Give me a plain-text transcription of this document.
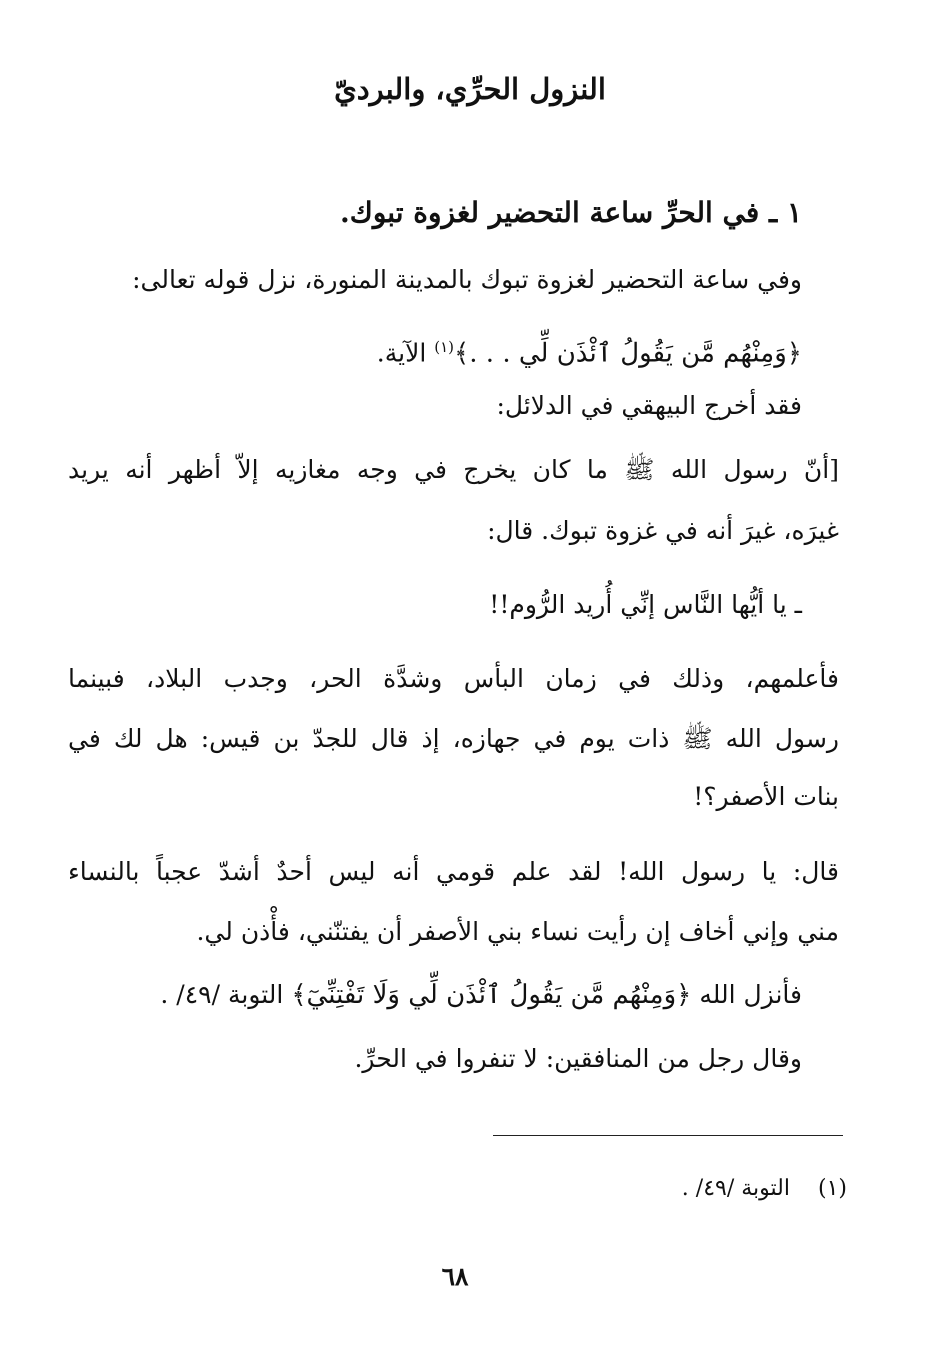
النزول الحرِّي، والبرديّ
١ ـ في الحرِّ ساعة التحضير لغزوة تبوك.
وفي ساعة التحضير لغزوة تبوك بالمدينة المنورة، نزل قوله تعالى:
﴿وَمِنْهُم مَّن يَقُولُ ٱئْذَن لِّي . . .﴾$^{(١)}$ الآية.
فقد أخرج البيهقي في الدلائل:
[أنّ رسول الله ﷺ ما كان يخرج في وجه مغازيه إلاّ أظهر أنه يريد
غيرَه، غيرَ أنه في غزوة تبوك. قال:
ـ يا أيُّها النَّاس إنِّي أُريد الرُّوم!!
فأعلمهم، وذلك في زمان البأس وشدَّة الحر، وجدب البلاد، فبينما
رسول الله ﷺ ذات يوم في جهازه، إذ قال للجدّ بن قيس: هل لك في
بنات الأصفر؟!
قال: يا رسول الله! لقد علم قومي أنه ليس أحدٌ أشدّ عجباً بالنساء
مني وإني أخاف إن رأيت نساء بني الأصفر أن يفتنّني، فأْذن لي.
فأنزل الله ﴿وَمِنْهُم مَّن يَقُولُ ٱئْذَن لِّي وَلَا تَفْتِنِّيٓ﴾ التوبة /٤٩/ .
وقال رجل من المنافقين: لا تنفروا في الحرِّ.
(١)    التوبة /٤٩/ .
٦٨
